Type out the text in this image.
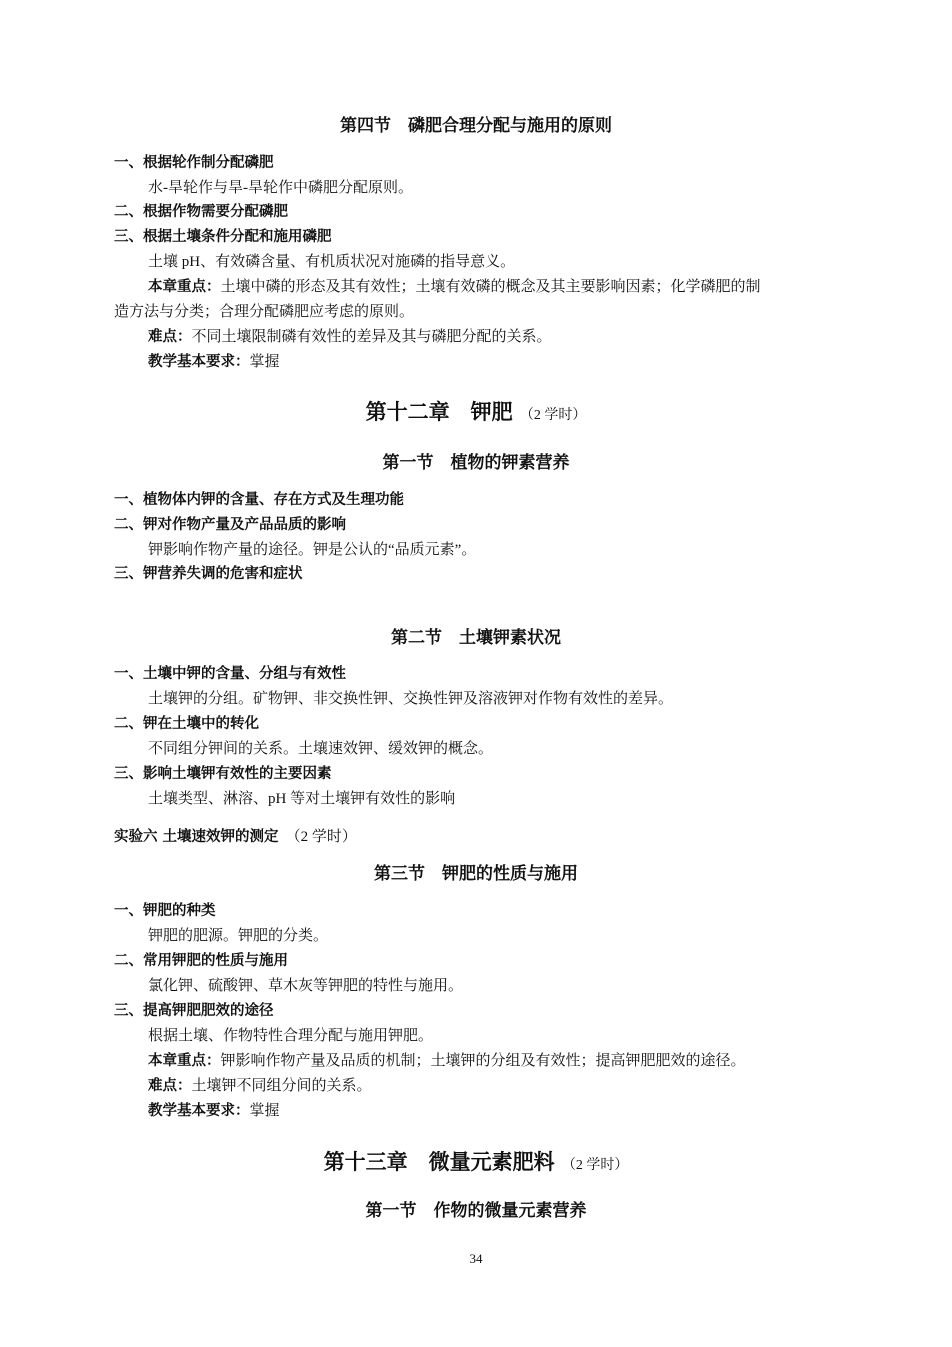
第四节　磷肥合理分配与施用的原则
一、根据轮作制分配磷肥
水-旱轮作与旱-旱轮作中磷肥分配原则。
二、根据作物需要分配磷肥
三、根据土壤条件分配和施用磷肥
土壤 pH、有效磷含量、有机质状况对施磷的指导意义。
本章重点：土壤中磷的形态及其有效性；土壤有效磷的概念及其主要影响因素；化学磷肥的制
造方法与分类；合理分配磷肥应考虑的原则。
难点：不同土壤限制磷有效性的差异及其与磷肥分配的关系。
教学基本要求：掌握
第十二章　钾肥 （2 学时）
第一节　植物的钾素营养
一、植物体内钾的含量、存在方式及生理功能
二、钾对作物产量及产品品质的影响
钾影响作物产量的途径。钾是公认的“品质元素”。
三、钾营养失调的危害和症状
第二节　土壤钾素状况
一、土壤中钾的含量、分组与有效性
土壤钾的分组。矿物钾、非交换性钾、交换性钾及溶液钾对作物有效性的差异。
二、钾在土壤中的转化
不同组分钾间的关系。土壤速效钾、缓效钾的概念。
三、影响土壤钾有效性的主要因素
土壤类型、淋溶、pH 等对土壤钾有效性的影响
实验六 土壤速效钾的测定　 （2 学时）
第三节　钾肥的性质与施用
一、钾肥的种类
钾肥的肥源。钾肥的分类。
二、常用钾肥的性质与施用
氯化钾、硫酸钾、草木灰等钾肥的特性与施用。
三、提高钾肥肥效的途径
根据土壤、作物特性合理分配与施用钾肥。
本章重点：钾影响作物产量及品质的机制；土壤钾的分组及有效性；提高钾肥肥效的途径。
难点：土壤钾不同组分间的关系。
教学基本要求：掌握
第十三章　微量元素肥料 （2 学时）
第一节　作物的微量元素营养
34
